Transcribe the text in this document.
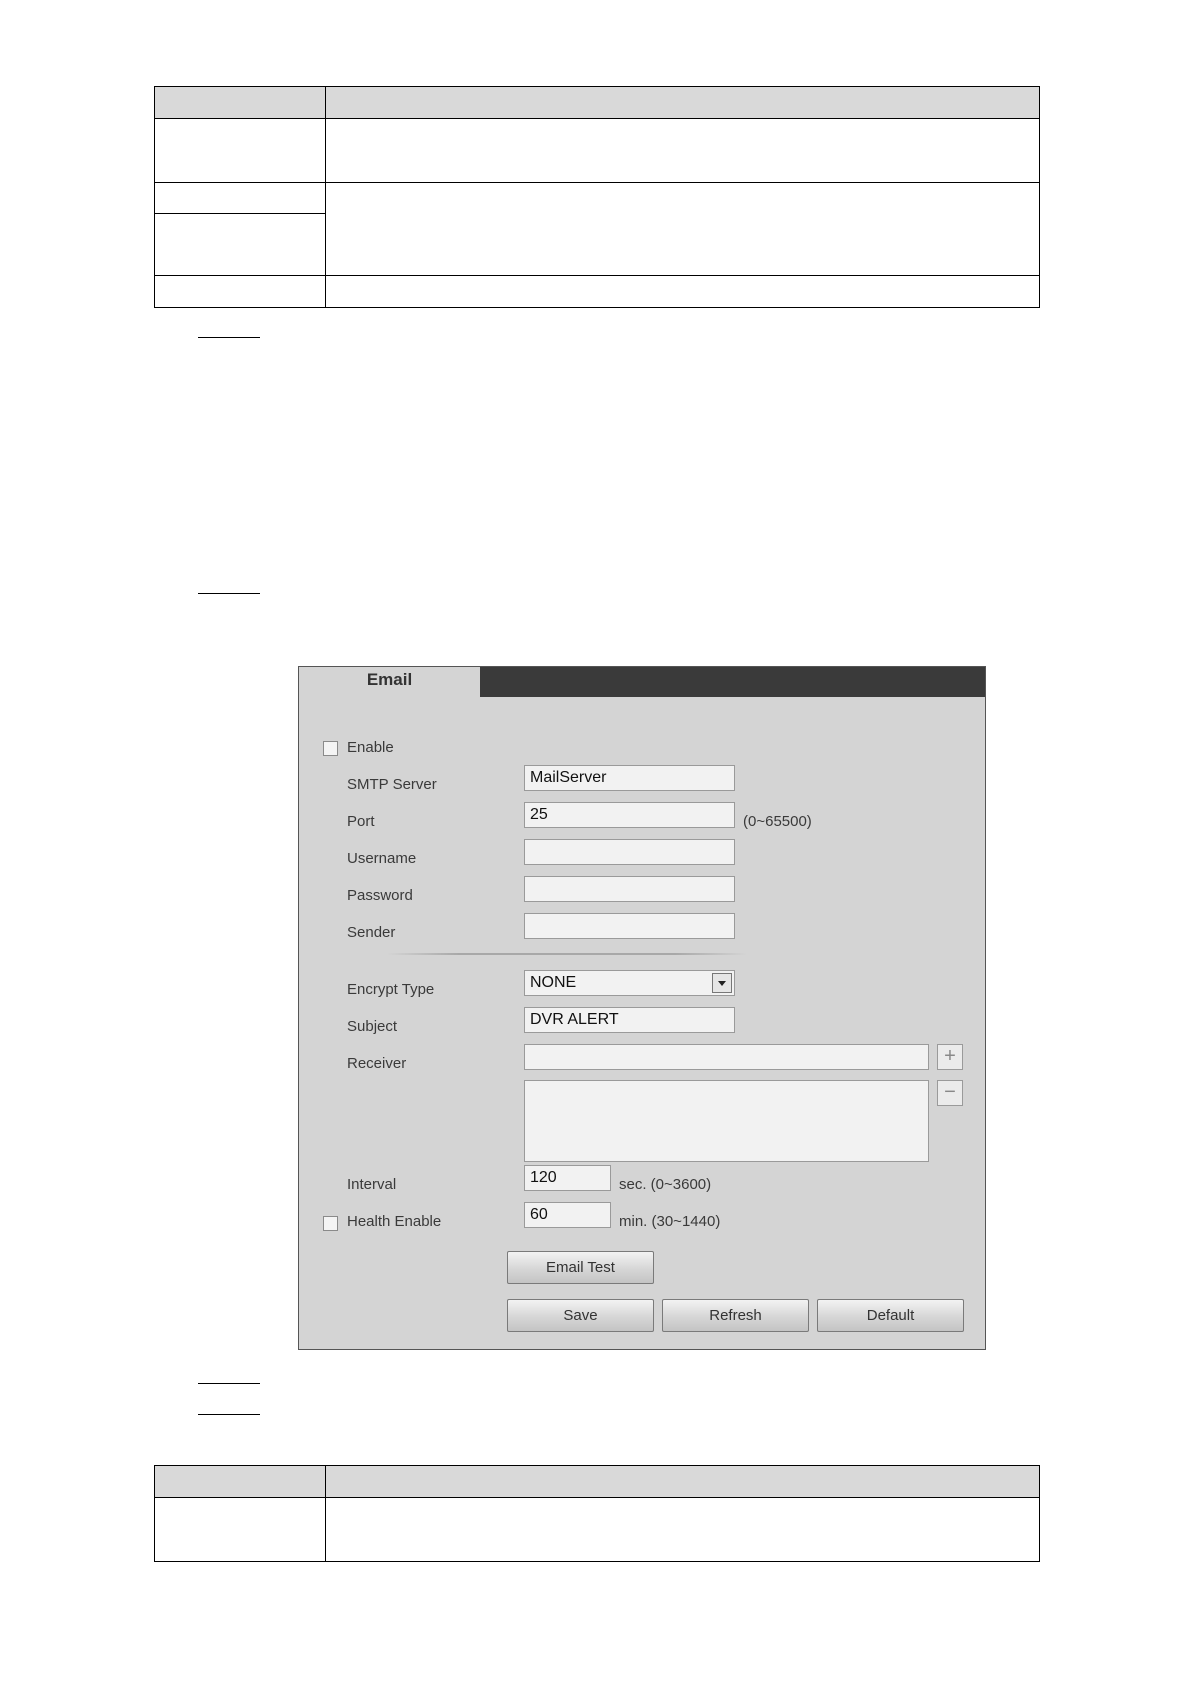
Email
Enable
SMTP Server	MailServer
Port	25	(0~65500)
Username
Password
Sender
Encrypt Type	NONE
Subject	DVR ALERT
Receiver	+
−
Interval	120	sec. (0~3600)
Health Enable	60	min. (30~1440)
Email Test
Save	Refresh	Default
